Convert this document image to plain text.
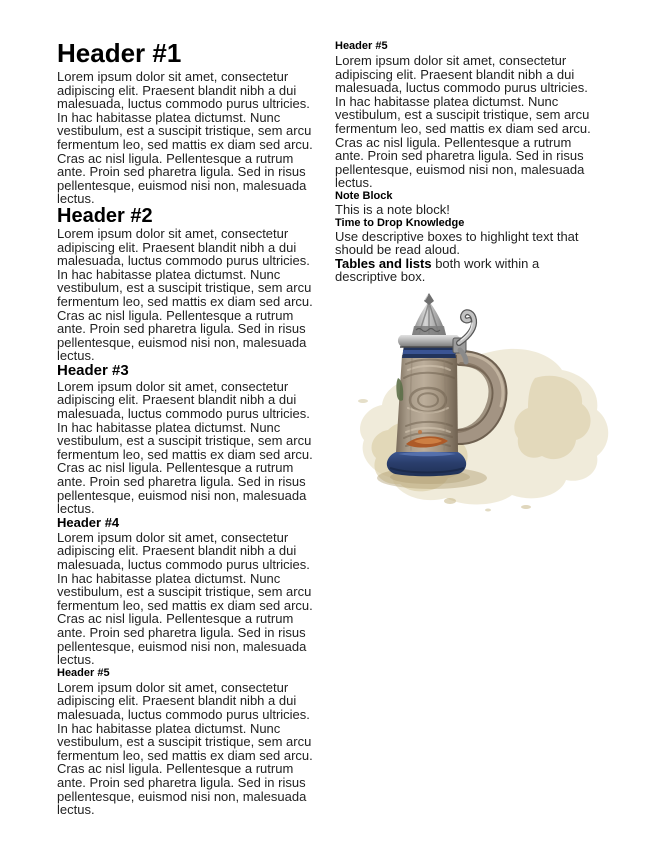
Header #1

Lorem ipsum dolor sit amet, consectetur adipiscing elit. Praesent blandit nibh a dui malesuada, luctus commodo purus ultricies. In hac habitasse platea dictumst. Nunc vestibulum, est a suscipit tristique, sem arcu fermentum leo, sed mattis ex diam sed arcu. Cras ac nisl ligula. Pellentesque a rutrum ante. Proin sed pharetra ligula. Sed in risus pellentesque, euismod nisi non, malesuada lectus.

Header #2

Lorem ipsum dolor sit amet, consectetur adipiscing elit. Praesent blandit nibh a dui malesuada, luctus commodo purus ultricies. In hac habitasse platea dictumst. Nunc vestibulum, est a suscipit tristique, sem arcu fermentum leo, sed mattis ex diam sed arcu. Cras ac nisl ligula. Pellentesque a rutrum ante. Proin sed pharetra ligula. Sed in risus pellentesque, euismod nisi non, malesuada lectus.

Header #3

Lorem ipsum dolor sit amet, consectetur adipiscing elit. Praesent blandit nibh a dui malesuada, luctus commodo purus ultricies. In hac habitasse platea dictumst. Nunc vestibulum, est a suscipit tristique, sem arcu fermentum leo, sed mattis ex diam sed arcu. Cras ac nisl ligula. Pellentesque a rutrum ante. Proin sed pharetra ligula. Sed in risus pellentesque, euismod nisi non, malesuada lectus.

Header #4

Lorem ipsum dolor sit amet, consectetur adipiscing elit. Praesent blandit nibh a dui malesuada, luctus commodo purus ultricies. In hac habitasse platea dictumst. Nunc vestibulum, est a suscipit tristique, sem arcu fermentum leo, sed mattis ex diam sed arcu. Cras ac nisl ligula. Pellentesque a rutrum ante. Proin sed pharetra ligula. Sed in risus pellentesque, euismod nisi non, malesuada lectus.

Header #5

Lorem ipsum dolor sit amet, consectetur adipiscing elit. Praesent blandit nibh a dui malesuada, luctus commodo purus ultricies. In hac habitasse platea dictumst. Nunc vestibulum, est a suscipit tristique, sem arcu fermentum leo, sed mattis ex diam sed arcu. Cras ac nisl ligula. Pellentesque a rutrum ante. Proin sed pharetra ligula. Sed in risus pellentesque, euismod nisi non, malesuada lectus.

Header #5

Lorem ipsum dolor sit amet, consectetur adipiscing elit. Praesent blandit nibh a dui malesuada, luctus commodo purus ultricies. In hac habitasse platea dictumst. Nunc vestibulum, est a suscipit tristique, sem arcu fermentum leo, sed mattis ex diam sed arcu. Cras ac nisl ligula. Pellentesque a rutrum ante. Proin sed pharetra ligula. Sed in risus pellentesque, euismod nisi non, malesuada lectus.

Note Block

This is a note block!

Time to Drop Knowledge

Use descriptive boxes to highlight text that should be read aloud.

Tables and lists both work within a descriptive box.
